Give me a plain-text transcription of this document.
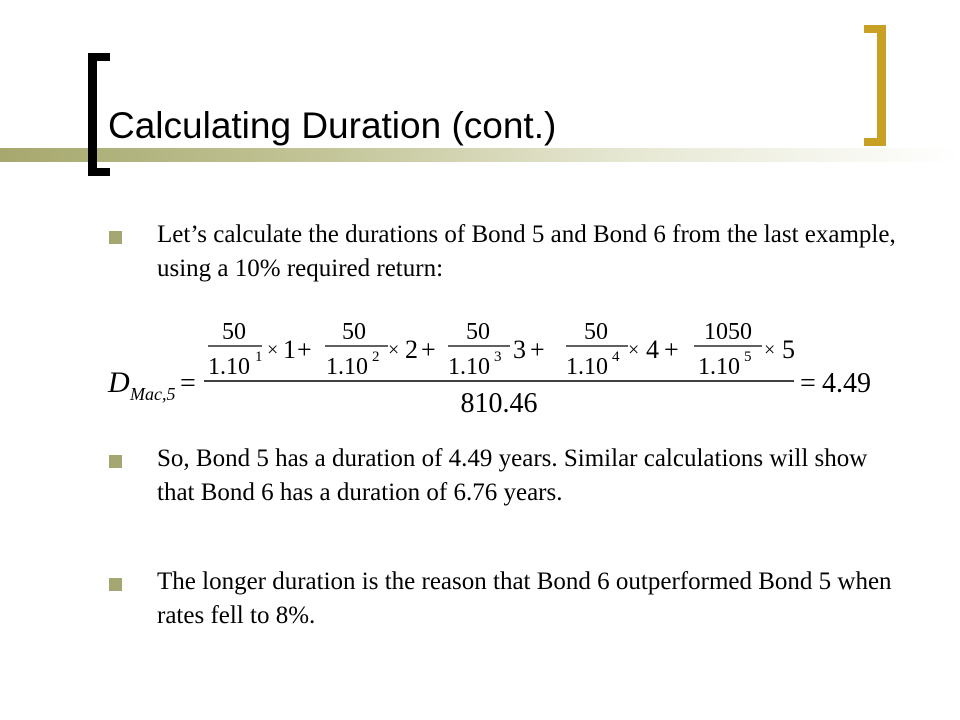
Calculating Duration (cont.)
Let’s calculate the durations of Bond 5 and Bond 6 from the last example, using a 10% required return:
D Mac,5 =
50
1.10 1 × 1 +
50
1.10 2 × 2 +
50
1.10 3 3 +
50
1.10 4 × 4 +
1050
1.10 5 × 5
810.46
= 4.49
So, Bond 5 has a duration of 4.49 years. Similar calculations will show that Bond 6 has a duration of 6.76 years.
The longer duration is the reason that Bond 6 outperformed Bond 5 when rates fell to 8%.
